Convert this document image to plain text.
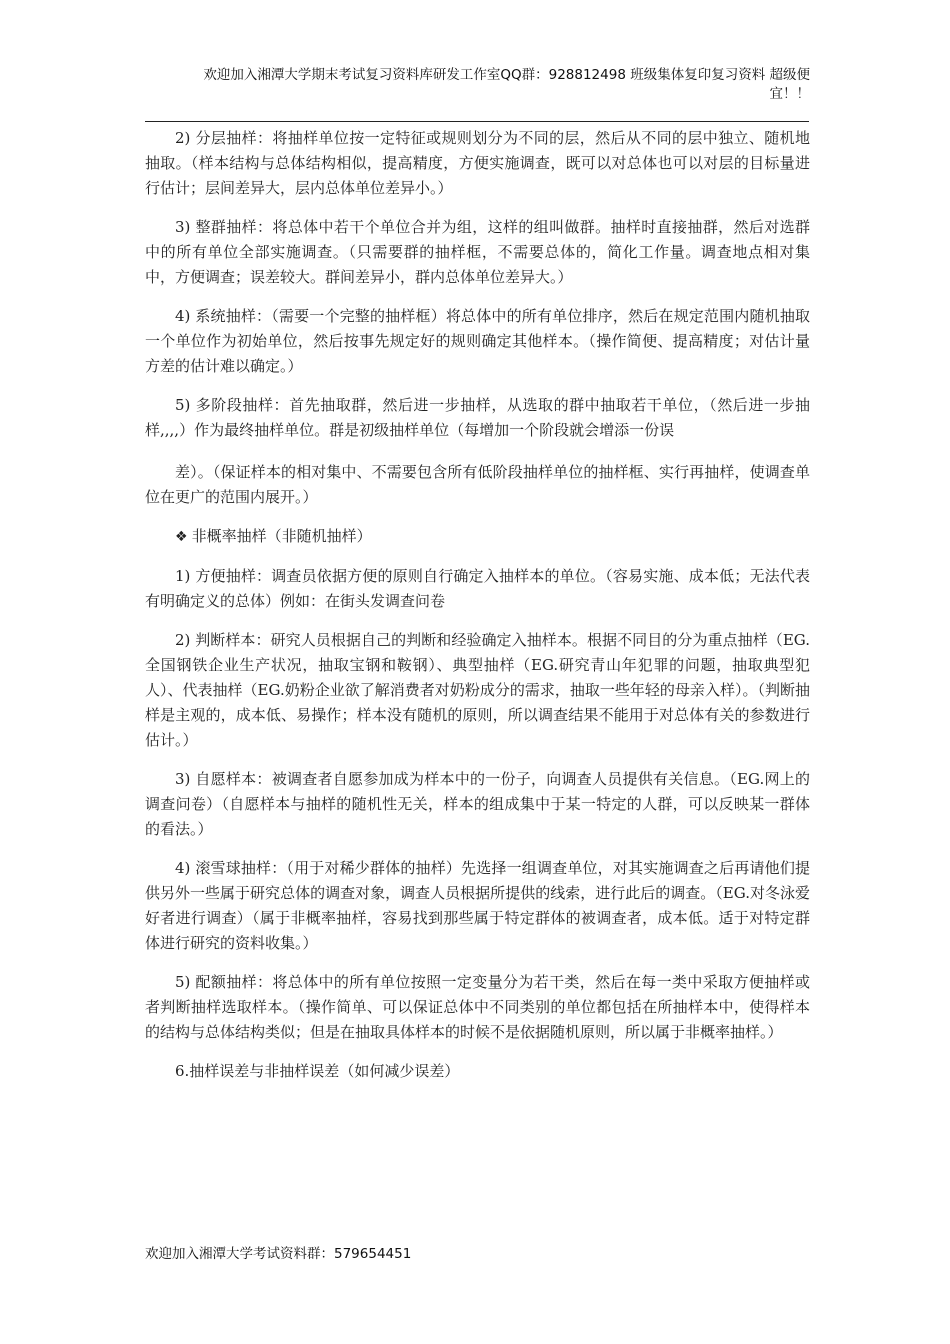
欢迎加入湘潭大学期末考试复习资料库研发工作室QQ群：928812498 班级集体复印复习资料 超级便
宜！！

2) 分层抽样：将抽样单位按一定特征或规则划分为不同的层，然后从不同的层中独立、随机地抽取。（样本结构与总体结构相似，提高精度，方便实施调查，既可以对总体也可以对层的目标量进行估计；层间差异大，层内总体单位差异小。）

3) 整群抽样：将总体中若干个单位合并为组，这样的组叫做群。抽样时直接抽群，然后对选群中的所有单位全部实施调查。（只需要群的抽样框，不需要总体的，简化工作量。调查地点相对集中，方便调查；误差较大。群间差异小，群内总体单位差异大。）

4) 系统抽样：（需要一个完整的抽样框）将总体中的所有单位排序，然后在规定范围内随机抽取一个单位作为初始单位，然后按事先规定好的规则确定其他样本。（操作简便、提高精度；对估计量方差的估计难以确定。）

5) 多阶段抽样：首先抽取群，然后进一步抽样，从选取的群中抽取若干单位，（然后进一步抽样,,,,）作为最终抽样单位。群是初级抽样单位（每增加一个阶段就会增添一份误

差）。（保证样本的相对集中、不需要包含所有低阶段抽样单位的抽样框、实行再抽样，使调查单位在更广的范围内展开。）

❖ 非概率抽样（非随机抽样）

1) 方便抽样：调查员依据方便的原则自行确定入抽样本的单位。（容易实施、成本低；无法代表有明确定义的总体）例如：在街头发调查问卷

2) 判断样本：研究人员根据自己的判断和经验确定入抽样本。根据不同目的分为重点抽样（EG.全国钢铁企业生产状况，抽取宝钢和鞍钢）、典型抽样（EG.研究青山年犯罪的问题，抽取典型犯人）、代表抽样（EG.奶粉企业欲了解消费者对奶粉成分的需求，抽取一些年轻的母亲入样）。（判断抽样是主观的，成本低、易操作；样本没有随机的原则，所以调查结果不能用于对总体有关的参数进行估计。）

3) 自愿样本：被调查者自愿参加成为样本中的一份子，向调查人员提供有关信息。（EG.网上的调查问卷）（自愿样本与抽样的随机性无关，样本的组成集中于某一特定的人群，可以反映某一群体的看法。）

4) 滚雪球抽样：（用于对稀少群体的抽样）先选择一组调查单位，对其实施调查之后再请他们提供另外一些属于研究总体的调查对象，调查人员根据所提供的线索，进行此后的调查。（EG.对冬泳爱好者进行调查）（属于非概率抽样，容易找到那些属于特定群体的被调查者，成本低。适于对特定群体进行研究的资料收集。）

5) 配额抽样：将总体中的所有单位按照一定变量分为若干类，然后在每一类中采取方便抽样或者判断抽样选取样本。（操作简单、可以保证总体中不同类别的单位都包括在所抽样本中，使得样本的结构与总体结构类似；但是在抽取具体样本的时候不是依据随机原则，所以属于非概率抽样。）

6.抽样误差与非抽样误差（如何减少误差）

欢迎加入湘潭大学考试资料群：579654451
